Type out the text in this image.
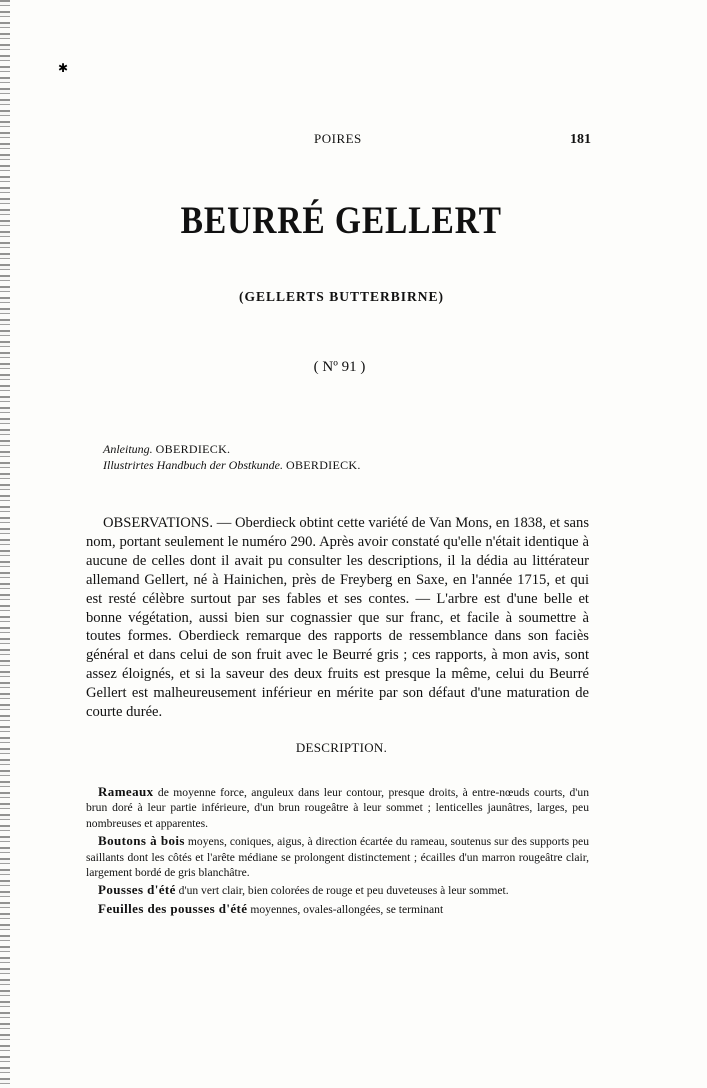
✱
POIRES	181
BEURRÉ GELLERT
(GELLERTS BUTTERBIRNE)
( Nº 91 )
Anleitung. OBERDIECK.
Illustrirtes Handbuch der Obstkunde. OBERDIECK.
OBSERVATIONS. — Oberdieck obtint cette variété de Van Mons, en 1838, et sans nom, portant seulement le numéro 290. Après avoir constaté qu'elle n'était identique à aucune de celles dont il avait pu consulter les descriptions, il la dédia au littérateur allemand Gellert, né à Hainichen, près de Freyberg en Saxe, en l'année 1715, et qui est resté célèbre surtout par ses fables et ses contes. — L'arbre est d'une belle et bonne végétation, aussi bien sur cognassier que sur franc, et facile à soumettre à toutes formes. Oberdieck remarque des rapports de ressemblance dans son faciès général et dans celui de son fruit avec le Beurré gris ; ces rapports, à mon avis, sont assez éloignés, et si la saveur des deux fruits est presque la même, celui du Beurré Gellert est malheureusement inférieur en mérite par son défaut d'une maturation de courte durée.
DESCRIPTION.

Rameaux de moyenne force, anguleux dans leur contour, presque droits, à entre-nœuds courts, d'un brun doré à leur partie inférieure, d'un brun rougeâtre à leur sommet ; lenticelles jaunâtres, larges, peu nombreuses et apparentes.

Boutons à bois moyens, coniques, aigus, à direction écartée du rameau, soutenus sur des supports peu saillants dont les côtés et l'arête médiane se prolongent distinctement ; écailles d'un marron rougeâtre clair, largement bordé de gris blanchâtre.

Pousses d'été d'un vert clair, bien colorées de rouge et peu duveteuses à leur sommet.

Feuilles des pousses d'été moyennes, ovales-allongées, se terminant
